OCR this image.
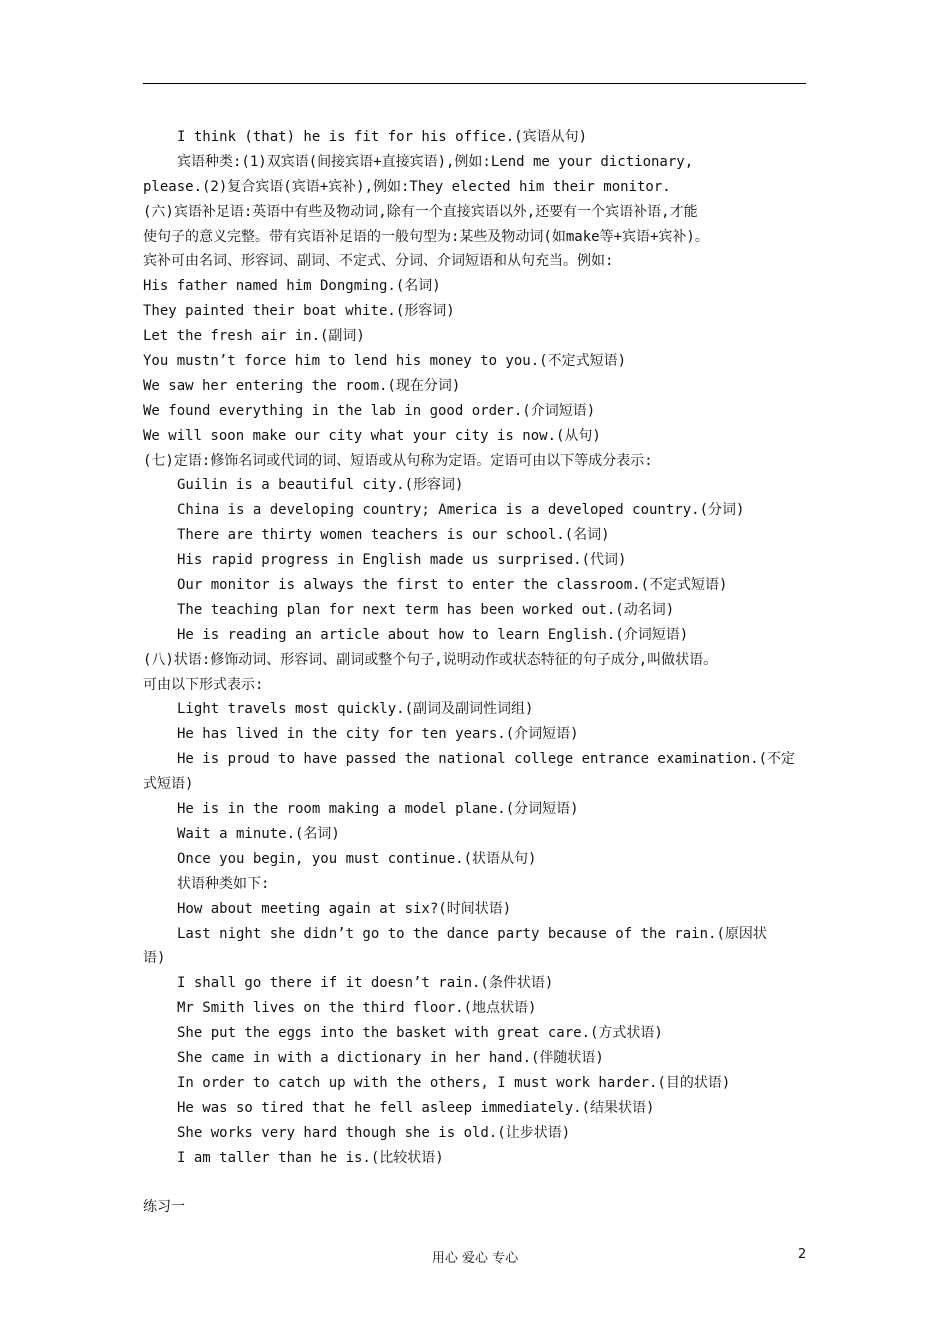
I think (that) he is fit for his office.(宾语从句)
宾语种类:(1)双宾语(间接宾语+直接宾语),例如:Lend me your dictionary,
please.(2)复合宾语(宾语+宾补),例如:They elected him their monitor.
(六)宾语补足语:英语中有些及物动词,除有一个直接宾语以外,还要有一个宾语补语,才能
使句子的意义完整。带有宾语补足语的一般句型为:某些及物动词(如make等+宾语+宾补)。
宾补可由名词、形容词、副词、不定式、分词、介词短语和从句充当。例如:
His father named him Dongming.(名词)
They painted their boat white.(形容词)
Let the fresh air in.(副词)
You mustn’t force him to lend his money to you.(不定式短语)
We saw her entering the room.(现在分词)
We found everything in the lab in good order.(介词短语)
We will soon make our city what your city is now.(从句)
(七)定语:修饰名词或代词的词、短语或从句称为定语。定语可由以下等成分表示:
Guilin is a beautiful city.(形容词)
China is a developing country; America is a developed country.(分词)
There are thirty women teachers is our school.(名词)
His rapid progress in English made us surprised.(代词)
Our monitor is always the first to enter the classroom.(不定式短语)
The teaching plan for next term has been worked out.(动名词)
He is reading an article about how to learn English.(介词短语)
(八)状语:修饰动词、形容词、副词或整个句子,说明动作或状态特征的句子成分,叫做状语。
可由以下形式表示:
Light travels most quickly.(副词及副词性词组)
He has lived in the city for ten years.(介词短语)
He is proud to have passed the national college entrance examination.(不定
式短语)
He is in the room making a model plane.(分词短语)
Wait a minute.(名词)
Once you begin, you must continue.(状语从句)
状语种类如下:
How about meeting again at six?(时间状语)
Last night she didn’t go to the dance party because of the rain.(原因状
语)
I shall go there if it doesn’t rain.(条件状语)
Mr Smith lives on the third floor.(地点状语)
She put the eggs into the basket with great care.(方式状语)
She came in with a dictionary in her hand.(伴随状语)
In order to catch up with the others, I must work harder.(目的状语)
He was so tired that he fell asleep immediately.(结果状语)
She works very hard though she is old.(让步状语)
I am taller than he is.(比较状语)
练习一
用心 爱心 专心	2
